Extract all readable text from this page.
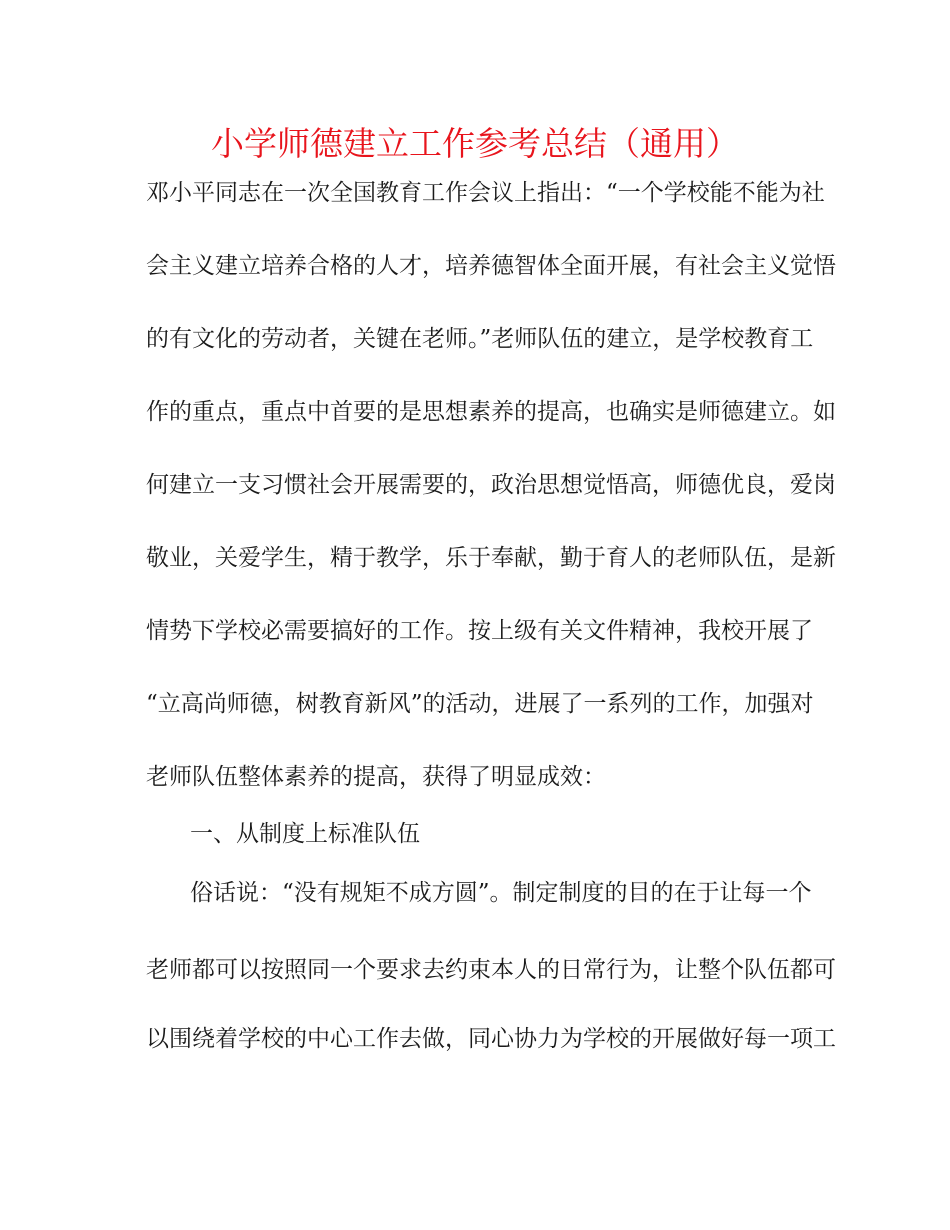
小学师德建立工作参考总结（通用）

邓小平同志在一次全国教育工作会议上指出：“一个学校能不能为社

会主义建立培养合格的人才，培养德智体全面开展，有社会主义觉悟

的有文化的劳动者，关键在老师。”老师队伍的建立，是学校教育工

作的重点，重点中首要的是思想素养的提高，也确实是师德建立。如

何建立一支习惯社会开展需要的，政治思想觉悟高，师德优良，爱岗

敬业，关爱学生，精于教学，乐于奉献，勤于育人的老师队伍，是新

情势下学校必需要搞好的工作。按上级有关文件精神，我校开展了

“立高尚师德，树教育新风”的活动，进展了一系列的工作，加强对

老师队伍整体素养的提高，获得了明显成效：

一、从制度上标准队伍

俗话说：“没有规矩不成方圆”。制定制度的目的在于让每一个

老师都可以按照同一个要求去约束本人的日常行为，让整个队伍都可

以围绕着学校的中心工作去做，同心协力为学校的开展做好每一项工
